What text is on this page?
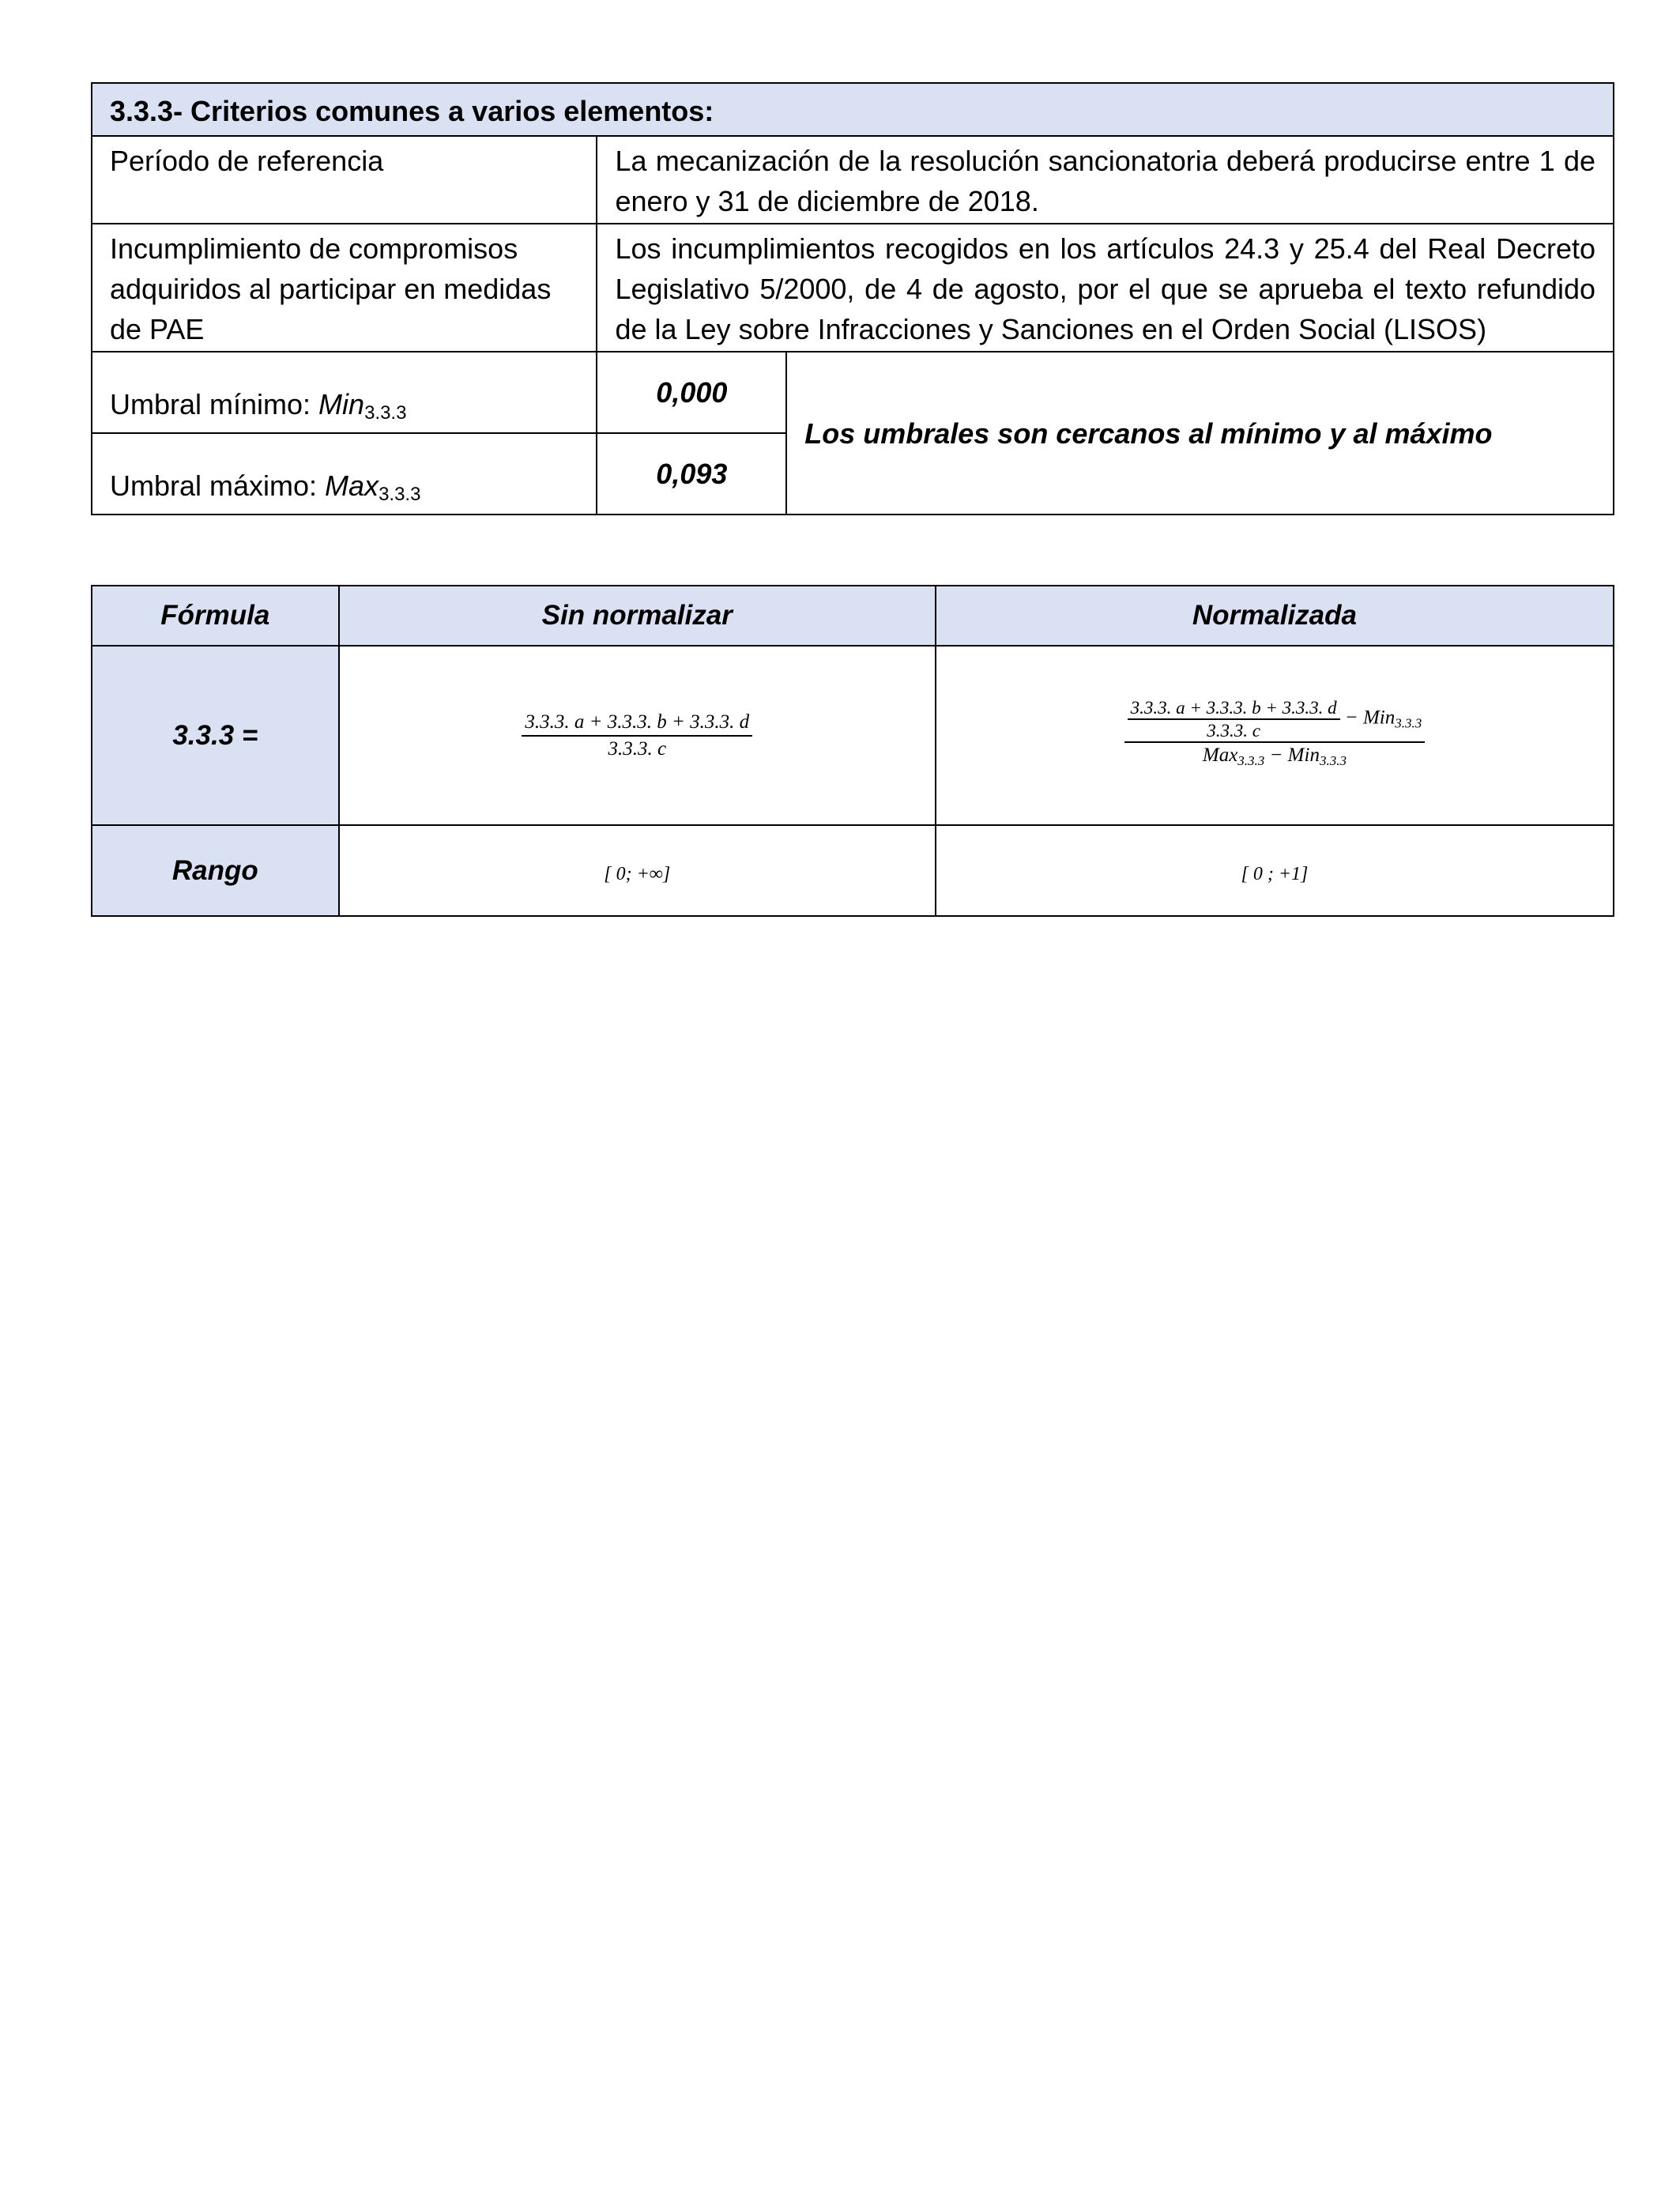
3.3.3- Criterios comunes a varios elementos:		
Período de referencia	La mecanización de la resolución sancionatoria deberá producirse entre 1 de enero y 31 de diciembre de 2018.	
Incumplimiento de compromisos adquiridos al participar en medidas de PAE	Los incumplimientos recogidos en los artículos 24.3 y 25.4 del Real Decreto Legislativo 5/2000, de 4 de agosto, por el que se aprueba el texto refundido de la Ley sobre Infracciones y Sanciones en el Orden Social (LISOS)	
Umbral mínimo: Min$_{3.3.3}$	0,000	Los umbrales son cercanos al mínimo y al máximo
Umbral máximo: Max$_{3.3.3}$	0,093	
Fórmula	Sin normalizar	Normalizada
3.3.3 =	$\frac{3.3.3. a + 3.3.3. b + 3.3.3. d}{3.3.3. c}$	$\frac{\frac{3.3.3. a + 3.3.3. b + 3.3.3. d}{3.3.3. c} - Min_{3.3.3}}{Max_{3.3.3} - Min_{3.3.3}}$

Rango	[ 0; +∞]	[ 0 ; +1]
